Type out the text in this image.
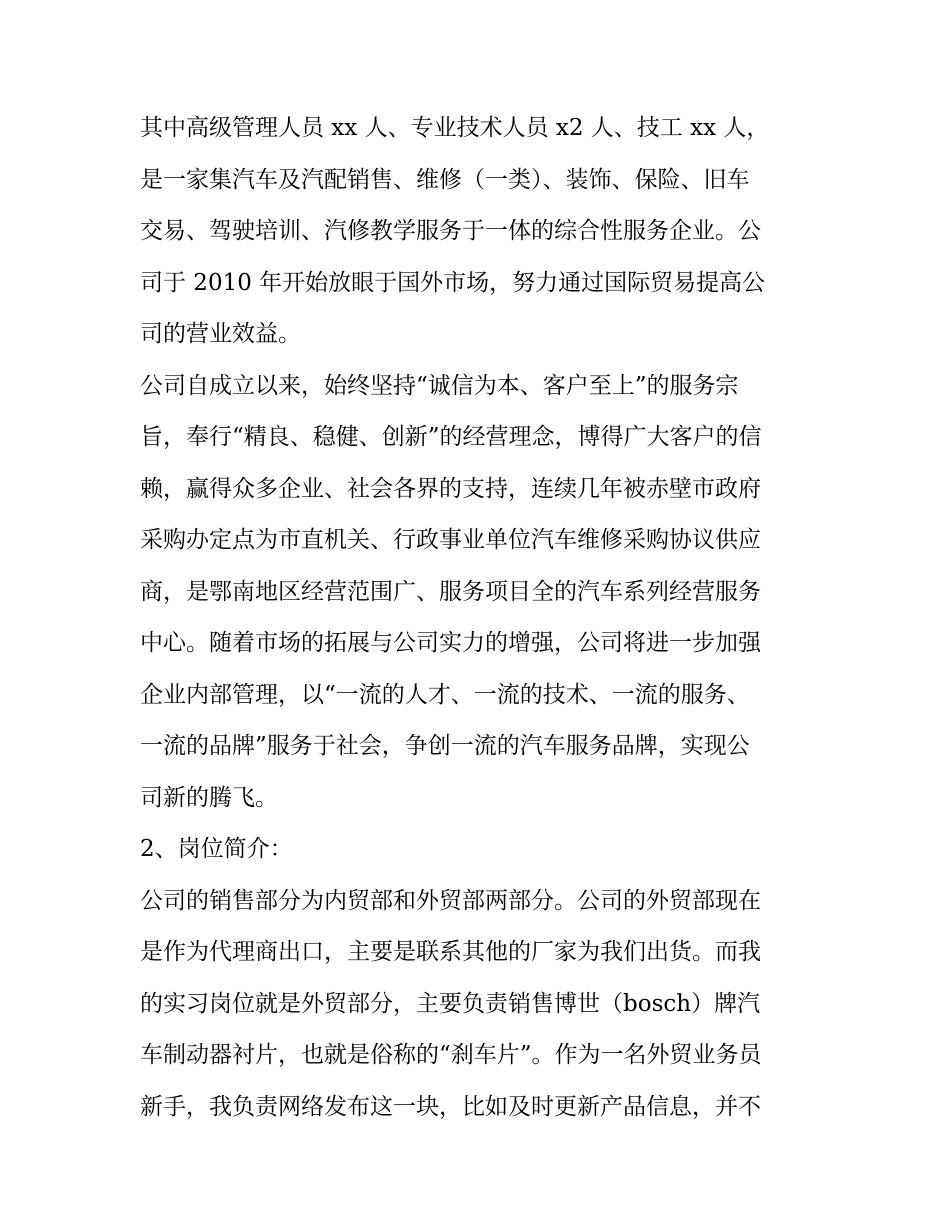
其中高级管理人员 xx 人、专业技术人员 x2 人、技工 xx 人，
是一家集汽车及汽配销售、维修（一类）、装饰、保险、旧车
交易、驾驶培训、汽修教学服务于一体的综合性服务企业。公
司于 2010 年开始放眼于国外市场，努力通过国际贸易提高公
司的营业效益。
公司自成立以来，始终坚持“诚信为本、客户至上”的服务宗
旨，奉行“精良、稳健、创新”的经营理念，博得广大客户的信
赖，赢得众多企业、社会各界的支持，连续几年被赤壁市政府
采购办定点为市直机关、行政事业单位汽车维修采购协议供应
商，是鄂南地区经营范围广、服务项目全的汽车系列经营服务
中心。随着市场的拓展与公司实力的增强，公司将进一步加强
企业内部管理，以“一流的人才、一流的技术、一流的服务、
一流的品牌”服务于社会，争创一流的汽车服务品牌，实现公
司新的腾飞。
2、岗位简介：
公司的销售部分为内贸部和外贸部两部分。公司的外贸部现在
是作为代理商出口，主要是联系其他的厂家为我们出货。而我
的实习岗位就是外贸部分，主要负责销售博世（bosch）牌汽
车制动器衬片，也就是俗称的“刹车片”。作为一名外贸业务员
新手，我负责网络发布这一块，比如及时更新产品信息，并不
